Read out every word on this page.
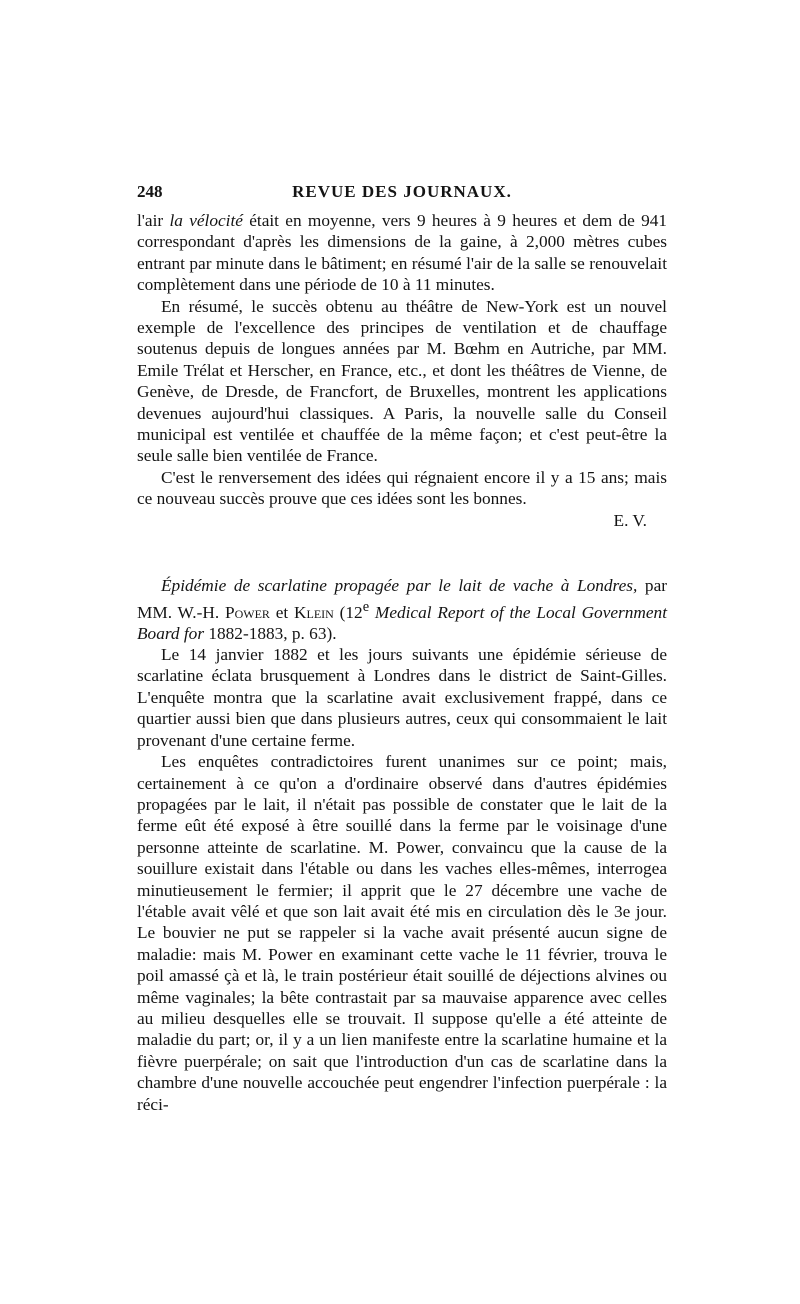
REVUE DES JOURNAUX.
248

l'air la vélocité était en moyenne, vers 9 heures à 9 heures et dem de 941 correspondant d'après les dimensions de la gaine, à 2,000 mètres cubes entrant par minute dans le bâtiment; en résumé l'air de la salle se renouvelait complètement dans une période de 10 à 11 minutes.

En résumé, le succès obtenu au théâtre de New-York est un nouvel exemple de l'excellence des principes de ventilation et de chauffage soutenus depuis de longues années par M. Bœhm en Autriche, par MM. Emile Trélat et Herscher, en France, etc., et dont les théâtres de Vienne, de Genève, de Dresde, de Francfort, de Bruxelles, montrent les applications devenues aujourd'hui classiques. A Paris, la nouvelle salle du Conseil municipal est ventilée et chauffée de la même façon; et c'est peut-être la seule salle bien ventilée de France.

C'est le renversement des idées qui régnaient encore il y a 15 ans; mais ce nouveau succès prouve que ces idées sont les bonnes.

E. V.

Épidémie de scarlatine propagée par le lait de vache à Londres, par MM. W.-H. Power et Klein (12e Medical Report of the Local Government Board for 1882-1883, p. 63).

Le 14 janvier 1882 et les jours suivants une épidémie sérieuse de scarlatine éclata brusquement à Londres dans le district de Saint-Gilles. L'enquête montra que la scarlatine avait exclusivement frappé, dans ce quartier aussi bien que dans plusieurs autres, ceux qui consommaient le lait provenant d'une certaine ferme.

Les enquêtes contradictoires furent unanimes sur ce point; mais, certainement à ce qu'on a d'ordinaire observé dans d'autres épidémies propagées par le lait, il n'était pas possible de constater que le lait de la ferme eût été exposé à être souillé dans la ferme par le voisinage d'une personne atteinte de scarlatine. M. Power, convaincu que la cause de la souillure existait dans l'étable ou dans les vaches elles-mêmes, interrogea minutieusement le fermier; il apprit que le 27 décembre une vache de l'étable avait vêlé et que son lait avait été mis en circulation dès le 3e jour. Le bouvier ne put se rappeler si la vache avait présenté aucun signe de maladie: mais M. Power en examinant cette vache le 11 février, trouva le poil amassé çà et là, le train postérieur était souillé de déjections alvines ou même vaginales; la bête contrastait par sa mauvaise apparence avec celles au milieu desquelles elle se trouvait. Il suppose qu'elle a été atteinte de maladie du part; or, il y a un lien manifeste entre la scarlatine humaine et la fièvre puerpérale; on sait que l'introduction d'un cas de scarlatine dans la chambre d'une nouvelle accouchée peut engendrer l'infection puerpérale : la réci-
